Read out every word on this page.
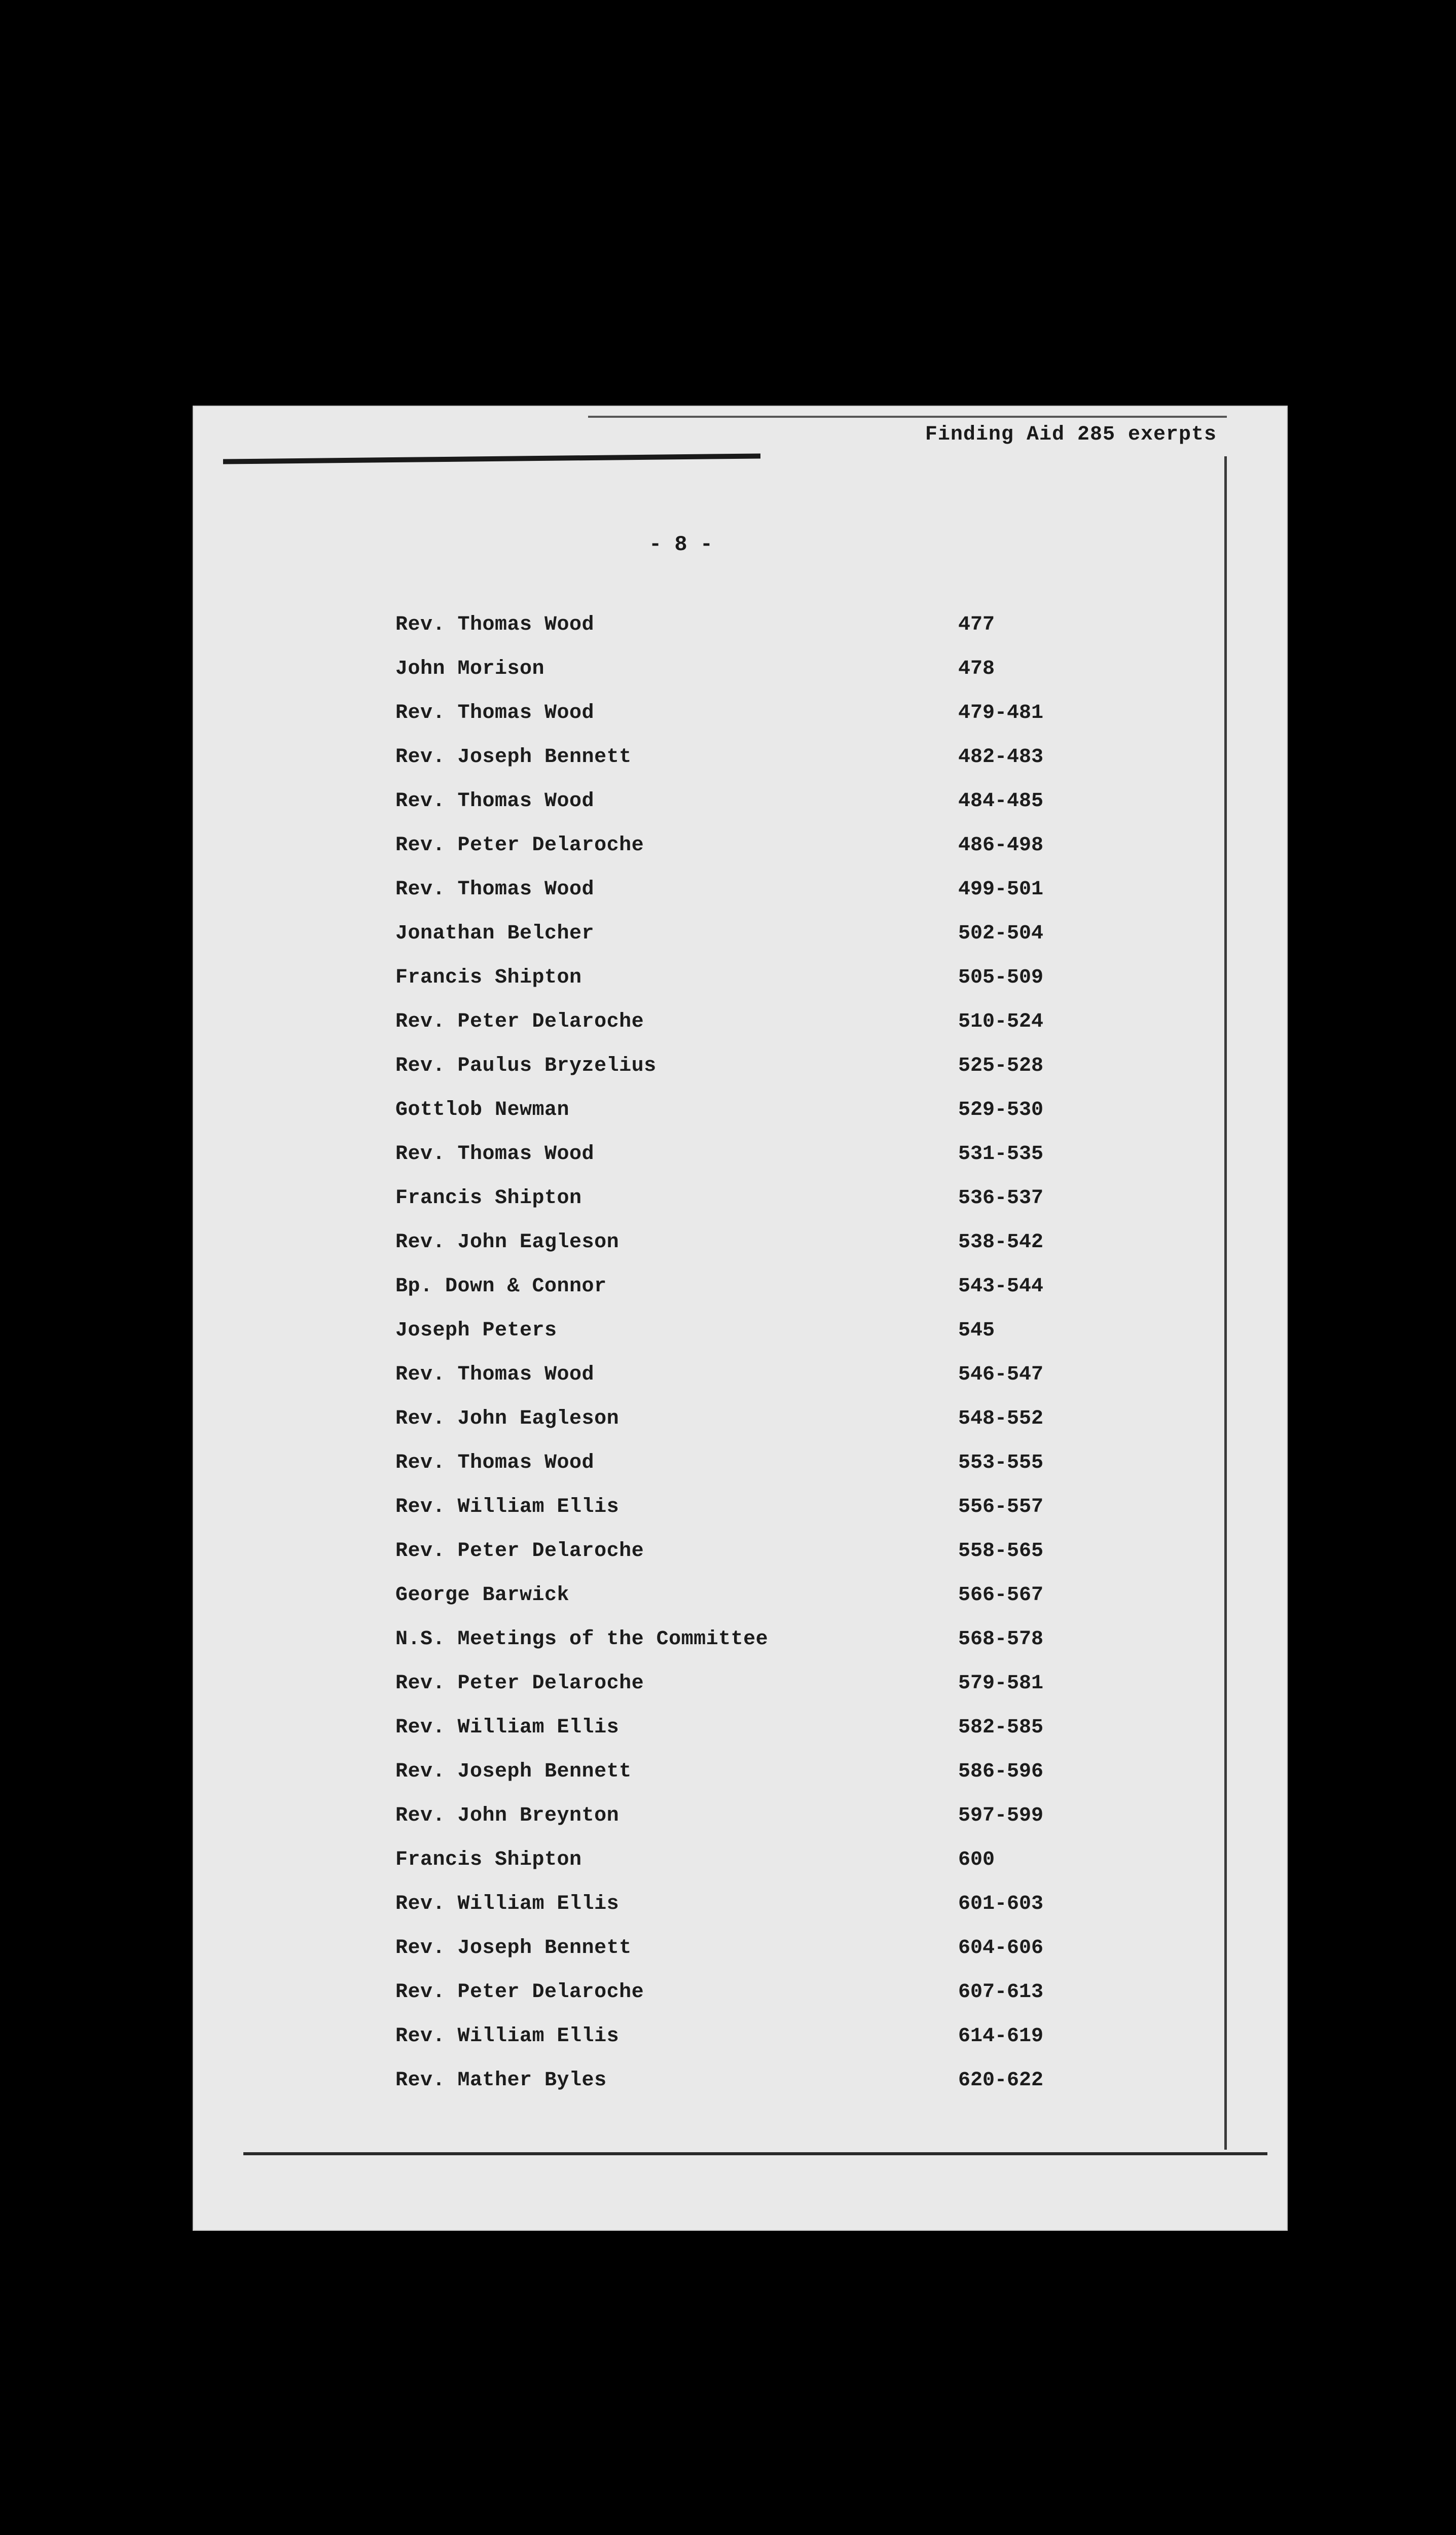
Finding Aid 285 exerpts
- 8 -
Rev. Thomas Wood	477
John Morison	478
Rev. Thomas Wood	479-481
Rev. Joseph Bennett	482-483
Rev. Thomas Wood	484-485
Rev. Peter Delaroche	486-498
Rev. Thomas Wood	499-501
Jonathan Belcher	502-504
Francis Shipton	505-509
Rev. Peter Delaroche	510-524
Rev. Paulus Bryzelius	525-528
Gottlob Newman	529-530
Rev. Thomas Wood	531-535
Francis Shipton	536-537
Rev. John Eagleson	538-542
Bp. Down & Connor	543-544
Joseph Peters	545
Rev. Thomas Wood	546-547
Rev. John Eagleson	548-552
Rev. Thomas Wood	553-555
Rev. William Ellis	556-557
Rev. Peter Delaroche	558-565
George Barwick	566-567
N.S. Meetings of the Committee	568-578
Rev. Peter Delaroche	579-581
Rev. William Ellis	582-585
Rev. Joseph Bennett	586-596
Rev. John Breynton	597-599
Francis Shipton	600
Rev. William Ellis	601-603
Rev. Joseph Bennett	604-606
Rev. Peter Delaroche	607-613
Rev. William Ellis	614-619
Rev. Mather Byles	620-622
